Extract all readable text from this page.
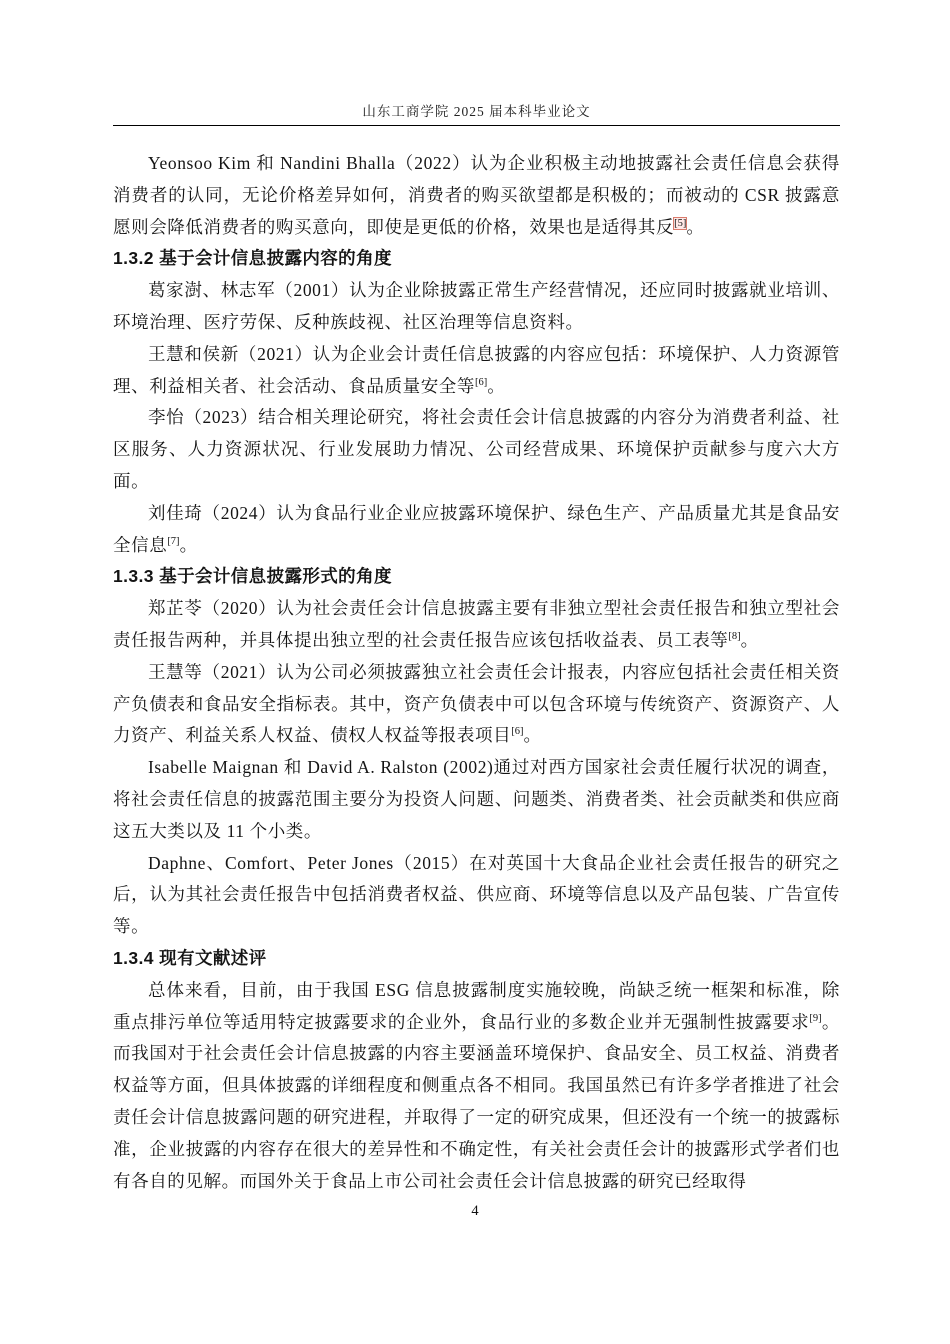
山东工商学院 2025 届本科毕业论文

Yeonsoo Kim 和 Nandini Bhalla（2022）认为企业积极主动地披露社会责任信息会获得消费者的认同，无论价格差异如何，消费者的购买欲望都是积极的；而被动的 CSR 披露意愿则会降低消费者的购买意向，即使是更低的价格，效果也是适得其反[5]。

1.3.2 基于会计信息披露内容的角度

葛家澍、林志军（2001）认为企业除披露正常生产经营情况，还应同时披露就业培训、环境治理、医疗劳保、反种族歧视、社区治理等信息资料。

王慧和侯新（2021）认为企业会计责任信息披露的内容应包括：环境保护、人力资源管理、利益相关者、社会活动、食品质量安全等[6]。

李怡（2023）结合相关理论研究，将社会责任会计信息披露的内容分为消费者利益、社区服务、人力资源状况、行业发展助力情况、公司经营成果、环境保护贡献参与度六大方面。

刘佳琦（2024）认为食品行业企业应披露环境保护、绿色生产、产品质量尤其是食品安全信息[7]。

1.3.3 基于会计信息披露形式的角度

郑芷苓（2020）认为社会责任会计信息披露主要有非独立型社会责任报告和独立型社会责任报告两种，并具体提出独立型的社会责任报告应该包括收益表、员工表等[8]。

王慧等（2021）认为公司必须披露独立社会责任会计报表，内容应包括社会责任相关资产负债表和食品安全指标表。其中，资产负债表中可以包含环境与传统资产、资源资产、人力资产、利益关系人权益、债权人权益等报表项目[6]。

Isabelle Maignan 和 David A. Ralston (2002)通过对西方国家社会责任履行状况的调查，将社会责任信息的披露范围主要分为投资人问题、问题类、消费者类、社会贡献类和供应商这五大类以及 11 个小类。

Daphne、Comfort、Peter Jones（2015）在对英国十大食品企业社会责任报告的研究之后，认为其社会责任报告中包括消费者权益、供应商、环境等信息以及产品包装、广告宣传等。

1.3.4 现有文献述评

总体来看，目前，由于我国 ESG 信息披露制度实施较晚，尚缺乏统一框架和标准，除重点排污单位等适用特定披露要求的企业外，食品行业的多数企业并无强制性披露要求[9]。而我国对于社会责任会计信息披露的内容主要涵盖环境保护、食品安全、员工权益、消费者权益等方面，但具体披露的详细程度和侧重点各不相同。我国虽然已有许多学者推进了社会责任会计信息披露问题的研究进程，并取得了一定的研究成果，但还没有一个统一的披露标准，企业披露的内容存在很大的差异性和不确定性，有关社会责任会计的披露形式学者们也有各自的见解。而国外关于食品上市公司社会责任会计信息披露的研究已经取得

4
